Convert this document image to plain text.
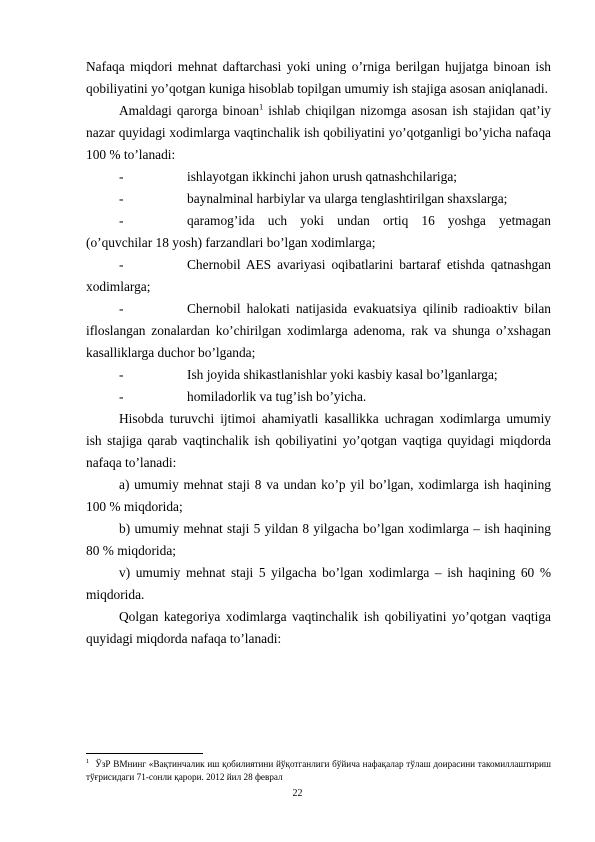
Nafaqa miqdori mehnat daftarchasi yoki uning o’rniga berilgan hujjatga binoan ish qobiliyatini yo’qotgan kuniga hisoblab topilgan umumiy ish stajiga asosan aniqlanadi.

Amaldagi qarorga binoan$^1$ ishlab chiqilgan nizomga asosan ish stajidan qat’iy nazar quyidagi xodimlarga vaqtinchalik ish qobiliyatini yo’qotganligi bo’yicha nafaqa 100 % to’lanadi:

-	ishlayotgan ikkinchi jahon urush qatnashchilariga;
-	baynalminal harbiylar va ularga tenglashtirilgan shaxslarga;
-	qaramog’ida uch yoki undan ortiq 16 yoshga yetmagan (o’quvchilar 18 yosh) farzandlari bo’lgan xodimlarga;
-	Chernobil AES avariyasi oqibatlarini bartaraf etishda qatnashgan xodimlarga;
-	Chernobil halokati natijasida evakuatsiya qilinib radioaktiv bilan ifloslangan zonalardan ko’chirilgan xodimlarga adenoma, rak va shunga o’xshagan kasalliklarga duchor bo’lganda;
-	Ish joyida shikastlanishlar yoki kasbiy kasal bo’lganlarga;
-	homiladorlik va tug’ish bo’yicha.

Hisobda turuvchi ijtimoi ahamiyatli kasallikka uchragan xodimlarga umumiy ish stajiga qarab vaqtinchalik ish qobiliyatini yo’qotgan vaqtiga quyidagi miqdorda nafaqa to’lanadi:

a) umumiy mehnat staji 8 va undan ko’p yil bo’lgan, xodimlarga ish haqining 100 % miqdorida;

b) umumiy mehnat staji 5 yildan 8 yilgacha bo’lgan xodimlarga – ish haqining 80 % miqdorida;

v) umumiy mehnat staji 5 yilgacha bo’lgan xodimlarga – ish haqining 60 % miqdorida.

Qolgan kategoriya xodimlarga vaqtinchalik ish qobiliyatini yo’qotgan vaqtiga quyidagi miqdorda nafaqa to’lanadi:

$^1$ ЎзР ВМнинг «Вақтинчалик иш қобилиятини йўқотганлиги бўйича нафақалар тўлаш доирасини такомиллаштириш тўғрисидаги 71-сонли қарори. 2012 йил 28 феврал

22
